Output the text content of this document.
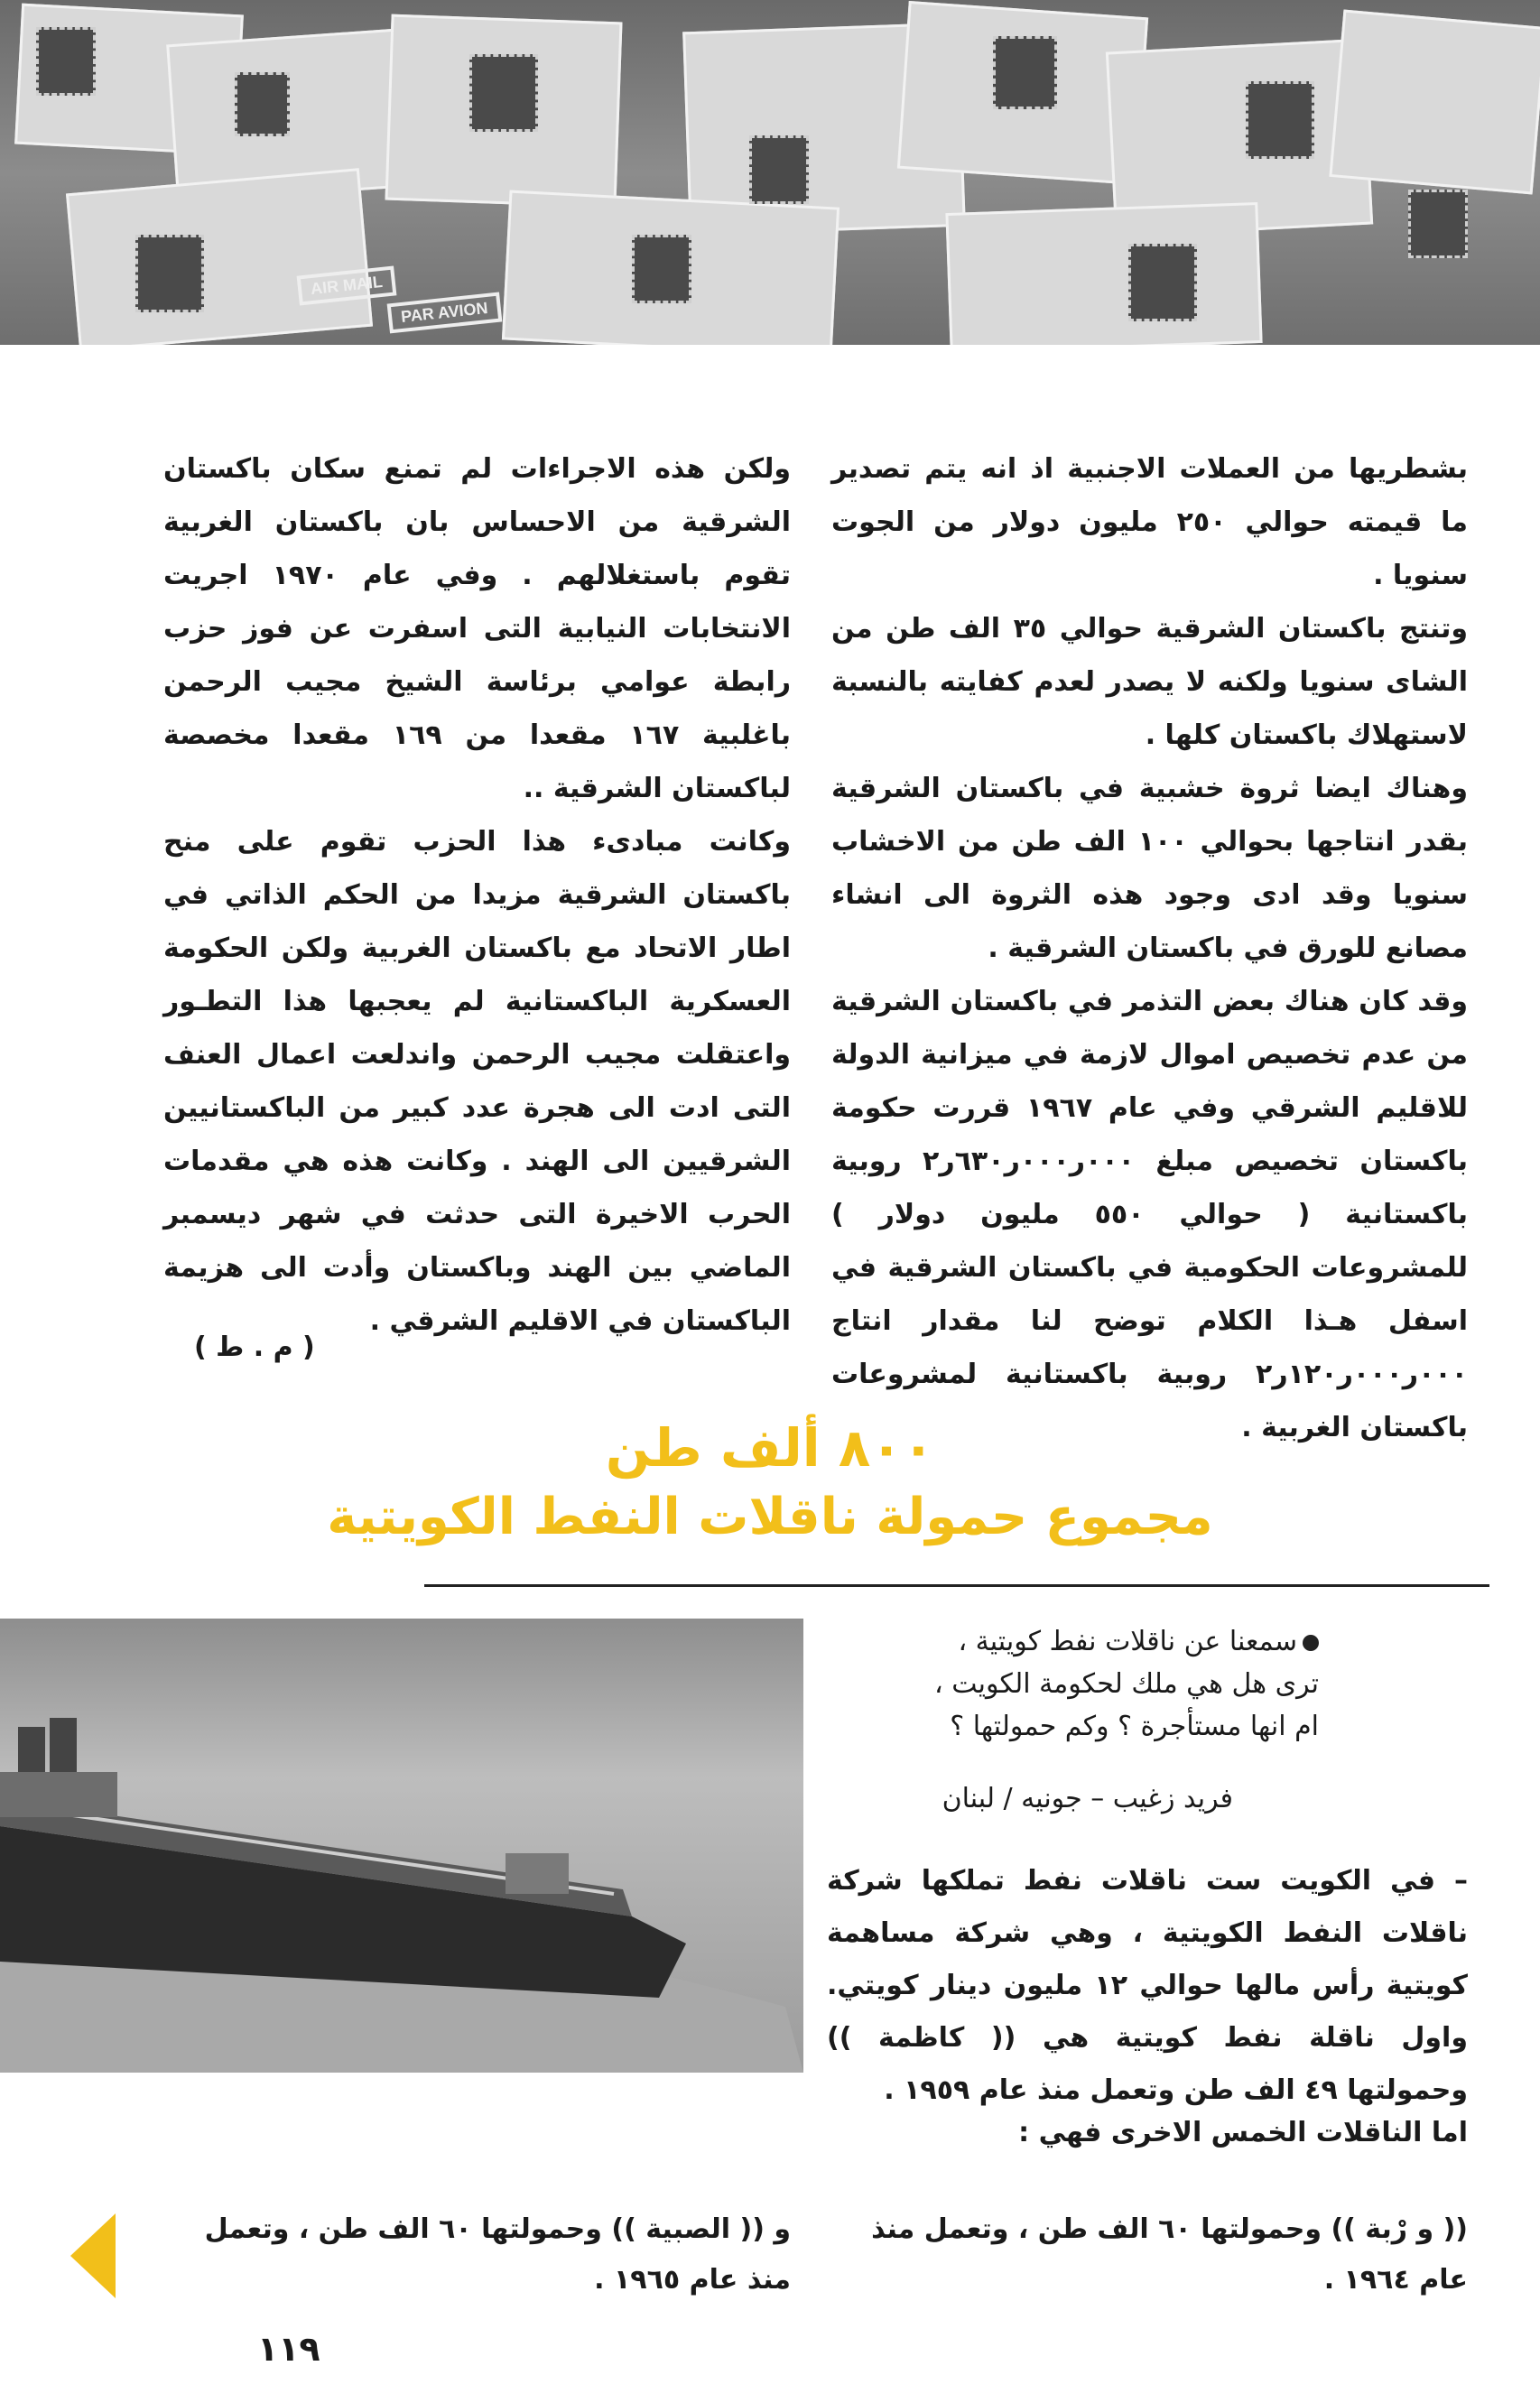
AIR MAIL
PAR AVION

بشطريها من العملات الاجنبية اذ انه يتم تصدير ما قيمته حوالي ٢٥٠ مليون دولار من الجوت سنويا .

وتنتج باكستان الشرقية حوالي ٣٥ الف طن من الشاى سنويا ولكنه لا يصدر لعدم كفايته بالنسبة لاستهلاك باكستان كلها .

وهناك ايضا ثروة خشبية في باكستان الشرقية بقدر انتاجها بحوالي ١٠٠ الف طن من الاخشاب سنويا وقد ادى وجود هذه الثروة الى انشاء مصانع للورق في باكستان الشرقية .

وقد كان هناك بعض التذمر في باكستان الشرقية من عدم تخصيص اموال لازمة في ميزانية الدولة للاقليم الشرقي وفي عام ١٩٦٧ قررت حكومة باكستان تخصيص مبلغ ٠٠٠ر٠٠٠ر٦٣٠ر٢ روبية باكستانية ( حوالي ٥٥٠ مليون دولار ) للمشروعات الحكومية في باكستان الشرقية في اسفل هـذا الكلام توضح لنا مقدار انتاج ٠٠٠ر٠٠٠ر١٢٠ر٢ روبية باكستانية لمشروعات باكستان الغربية .

ولكن هذه الاجراءات لم تمنع سكان باكستان الشرقية من الاحساس بان باكستان الغربية تقوم باستغلالهم . وفي عام ١٩٧٠ اجريت الانتخابات النيابية التى اسفرت عن فوز حزب رابطة عوامي برئاسة الشيخ مجيب الرحمن باغلبية ١٦٧ مقعدا من ١٦٩ مقعدا مخصصة لباكستان الشرقية ..

وكانت مبادىء هذا الحزب تقوم على منح باكستان الشرقية مزيدا من الحكم الذاتي في اطار الاتحاد مع باكستان الغربية ولكن الحكومة العسكرية الباكستانية لم يعجبها هذا التطـور واعتقلت مجيب الرحمن واندلعت اعمال العنف التى ادت الى هجرة عدد كبير من الباكستانيين الشرقيين الى الهند . وكانت هذه هي مقدمات الحرب الاخيرة التى حدثت في شهر ديسمبر الماضي بين الهند وباكستان وأدت الى هزيمة الباكستان في الاقليم الشرقي .

( م . ط )
٨٠٠ ألف طن
مجموع حمولة ناقلات النفط الكويتية

سمعنا عن ناقلات نفط كويتية ،

ترى هل هي ملك لحكومة الكويت ،

ام انها مستأجرة ؟ وكم حمولتها ؟

فريد زغيب – جونيه / لبنان

– في الكويت ست ناقلات نفط تملكها شركة ناقلات النفط الكويتية ، وهي شركة مساهمة كويتية رأس مالها حوالي ١٢ مليون دينار كويتي. واول ناقلة نفط كويتية هي (( كاظمة )) وحمولتها ٤٩ الف طن وتعمل منذ عام ١٩٥٩ .

اما الناقلات الخمس الاخرى فهي :

(( و رْبة )) وحمولتها ٦٠ الف طن ، وتعمل منذ عام ١٩٦٤ .

و (( الصبية )) وحمولتها ٦٠ الف طن ، وتعمل منذ عام ١٩٦٥ .

١١٩
